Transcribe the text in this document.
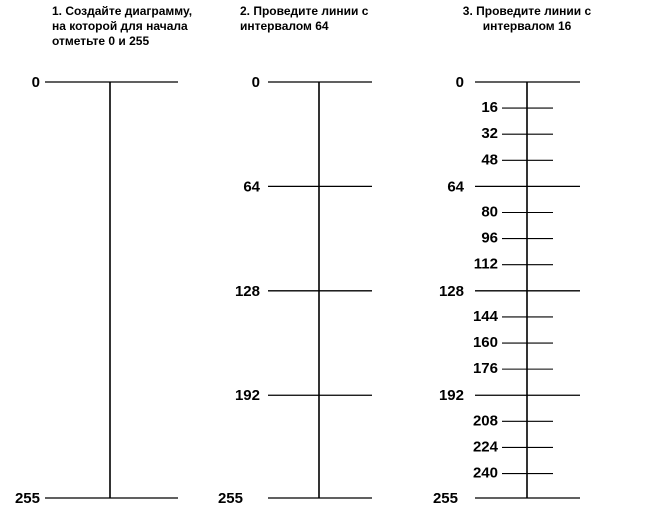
1. Создайте диаграмму, на которой для начала отметьте 0 и 255
2. Проведите линии с интервалом 64
3. Проведите линии с интервалом 16
0
255
0
64
128
192
255
0
64
128
192
255
16
32
48
80
96
112
144
160
176
208
224
240
